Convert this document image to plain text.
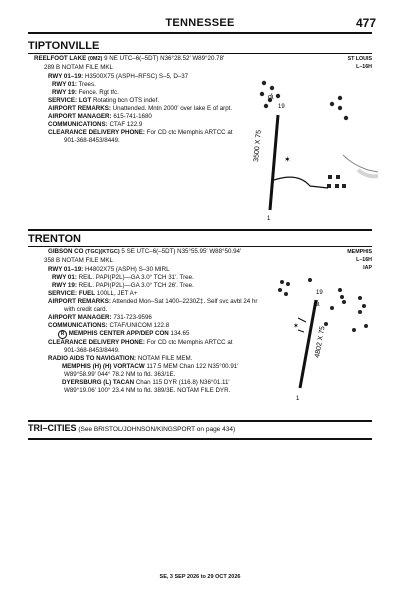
TENNESSEE	477
TIPTONVILLE
REELFOOT LAKE (0M2) 9 NE UTC–6(–5DT) N36°28.52′ W89°20.78′	ST LOUIS
L–16H
289 B NOTAM FILE MKL
RWY 01–19: H3500X75 (ASPH–RFSC) S–5, D–37
RWY 01: Trees.
RWY 19: Fence. Rgt tfc.
SERVICE: LGT Rotating bcn OTS indef.
AIRPORT REMARKS: Unattended. Mntn 2000′ over lake E of arpt.
AIRPORT MANAGER: 615-741-1680
COMMUNICATIONS: CTAF 122.9
CLEARANCE DELIVERY PHONE: For CD ctc Memphis ARTCC at
901-368-8453/8449.	3500 X 75
19
1
✶
ɗɩ
TRENTON
GIBSON CO (TGC)(KTGC) 5 SE UTC–6(–5DT) N35°55.95′ W88°50.94′	MEMPHIS
L–16H
IAP
358 B NOTAM FILE MKL
RWY 01–19: H4802X75 (ASPH) S–30 MIRL
RWY 01: REIL. PAPI(P2L)—GA 3.0° TCH 31′. Tree.
RWY 19: REIL. PAPI(P2L)—GA 3.0° TCH 26′. Tree.
SERVICE: FUEL 100LL, JET A+
AIRPORT REMARKS: Attended Mon–Sat 1400–2230Z‡. Self svc avbl 24 hr
with credit card.
AIRPORT MANAGER: 731-723-9596
COMMUNICATIONS: CTAF/UNICOM 122.8
R MEMPHIS CENTER APP/DEP CON 134.65
CLEARANCE DELIVERY PHONE: For CD ctc Memphis ARTCC at
901-368-8453/8449.
RADIO AIDS TO NAVIGATION: NOTAM FILE MEM.
MEMPHIS (H) (H) VORTACW 117.5 MEM Chan 122 N35°00.91′
W89°58.99′ 044° 78.2 NM to fld. 363/1E.
DYERSBURG (L) TACAN Chan 115 DYR (116.8) N36°01.11′
W89°19.06′ 100° 23.4 NM to fld. 389/3E. NOTAM FILE DYR.
✶
ɗɩ
4802 X 75
19
1
TRI–CITIES (See BRISTOL/JOHNSON/KINGSPORT on page 434)
SE, 3 SEP 2026 to 29 OCT 2026
